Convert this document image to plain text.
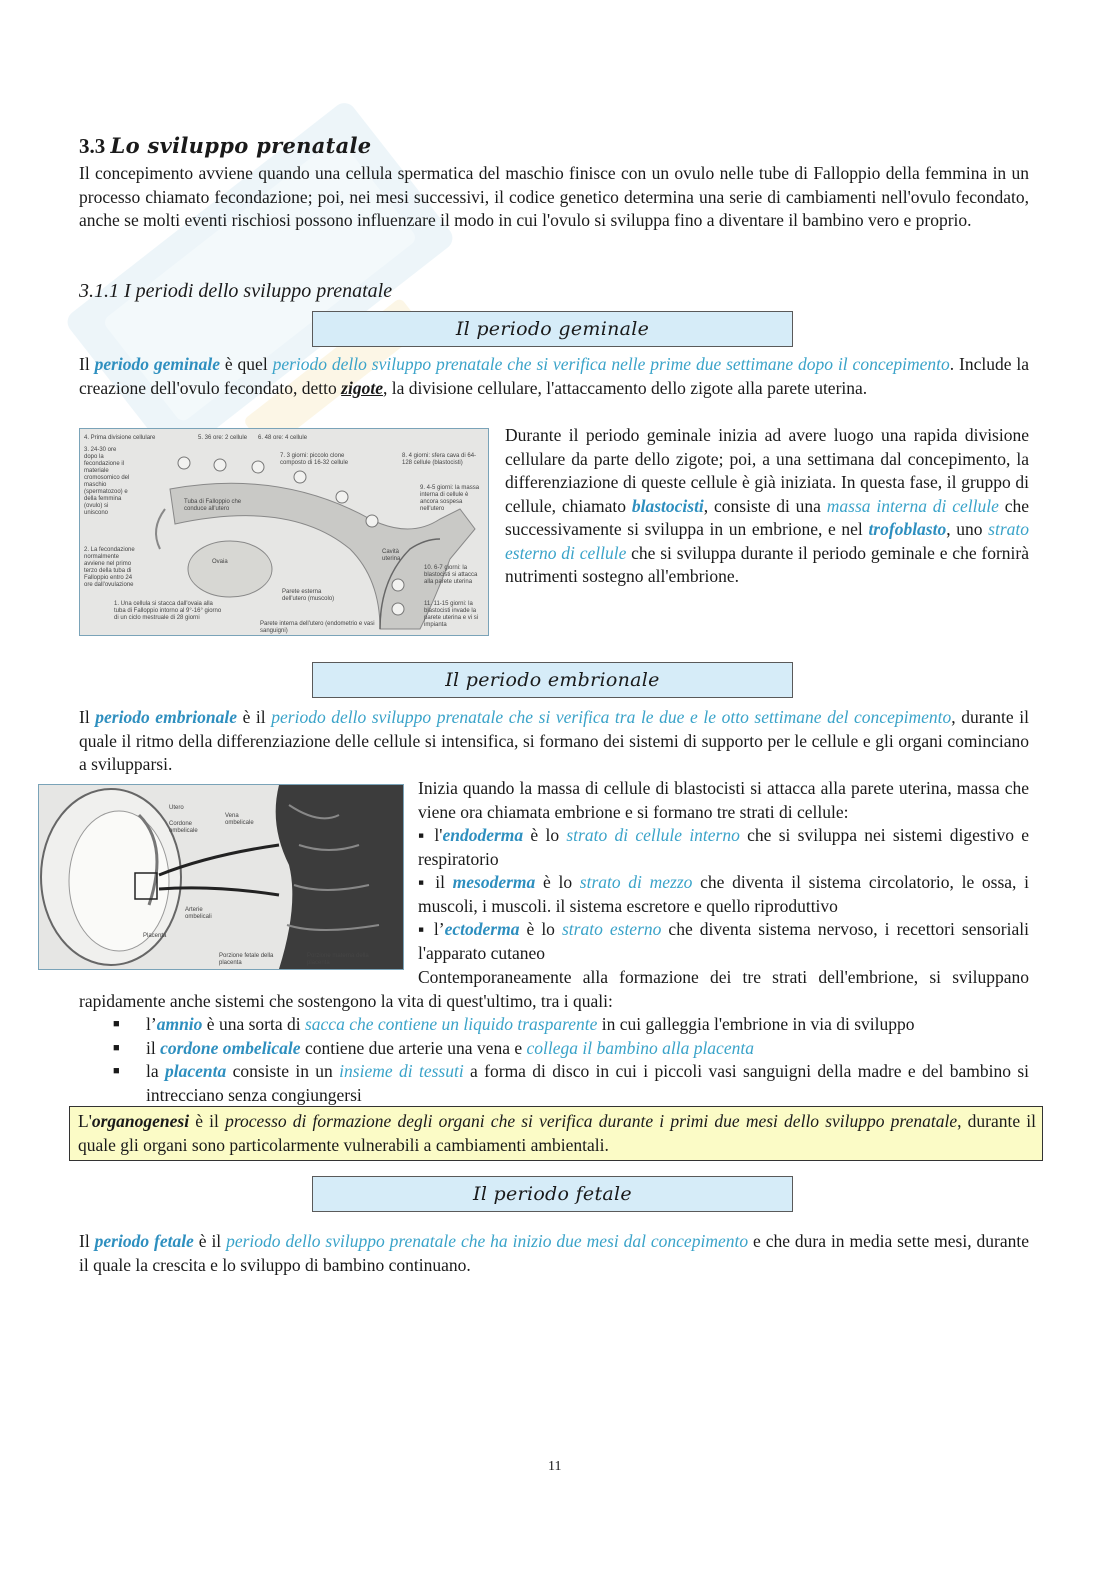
3.3 Lo sviluppo prenatale
Il concepimento avviene quando una cellula spermatica del maschio finisce con un ovulo nelle tube di Falloppio della femmina in un processo chiamato fecondazione; poi, nei mesi successivi, il codice genetico determina una serie di cambiamenti nell'ovulo fecondato, anche se molti eventi rischiosi possono influenzare il modo in cui l'ovulo si sviluppa fino a diventare il bambino vero e proprio.
3.1.1 I periodi dello sviluppo prenatale
Il periodo geminale
Il periodo geminale è quel periodo dello sviluppo prenatale che si verifica nelle prime due settimane dopo il concepimento. Include la creazione dell'ovulo fecondato, detto zigote, la divisione cellulare, l'attaccamento dello zigote alla parete uterina.
4. Prima divisione cellulare	5. 36 ore: 2 cellule	6. 48 ore: 4 cellule
3. 24-30 ore dopo la fecondazione il materiale cromosomico del maschio (spermatozoo) e della femmina (ovulo) si uniscono
7. 3 giorni: piccolo clone composto di 16-32 cellule
8. 4 giorni: sfera cava di 64-128 cellule (blastocisti)
Tuba di Falloppio che conduce all'utero
9. 4-5 giorni: la massa interna di cellule è ancora sospesa nell'utero
2. La fecondazione normalmente avviene nel primo terzo della tuba di Falloppio entro 24 ore dall'ovulazione
Ovaia
Cavità uterina
10. 6-7 giorni: la blastocisti si attacca alla parete uterina
Parete esterna dell'utero (muscolo)
1. Una cellula si stacca dall'ovaia alla tuba di Falloppio intorno al 9°-16° giorno di un ciclo mestruale di 28 giorni
11. 11-15 giorni: la blastocisti invade la parete uterina e vi si impianta
Parete interna dell'utero (endometrio e vasi sanguigni)
Durante il periodo geminale inizia ad avere luogo una rapida divisione cellulare da parte dello zigote; poi, a una settimana dal concepimento, la differenziazione di queste cellule è già iniziata. In questa fase, il gruppo di cellule, chiamato blastocisti, consiste di una massa interna di cellule che successivamente si sviluppa in un embrione, e nel trofoblasto, uno strato esterno di cellule che si sviluppa durante il periodo geminale e che fornirà nutrimenti sostegno all'embrione.
Il periodo embrionale
Il periodo embrionale è il periodo dello sviluppo prenatale che si verifica tra le due e le otto settimane del concepimento, durante il quale il ritmo della differenziazione delle cellule si intensifica, si formano dei sistemi di supporto per le cellule e gli organi cominciano a svilupparsi.
Utero
Cordone ombelicale
Vena ombelicale
Arterie ombelicali
Placenta
Porzione fetale della placenta
Porzione materna della placenta
Inizia quando la massa di cellule di blastocisti si attacca alla parete uterina, massa che viene ora chiamata embrione e si formano tre strati di cellule:
▪ l'endoderma è lo strato di cellule interno che si sviluppa nei sistemi digestivo e respiratorio
▪ il mesoderma è lo strato di mezzo che diventa il sistema circolatorio, le ossa, i muscoli, i muscoli. il sistema escretore e quello riproduttivo
▪ l’ectoderma è lo strato esterno che diventa sistema nervoso, i recettori sensoriali l'apparato cutaneo
Contemporaneamente alla formazione dei tre strati dell'embrione, si sviluppano rapidamente anche sistemi che sostengono la vita di quest'ultimo, tra i quali:
■ l’amnio è una sorta di sacca che contiene un liquido trasparente in cui galleggia l'embrione in via di sviluppo
■ il cordone ombelicale contiene due arterie una vena e collega il bambino alla placenta
■ la placenta consiste in un insieme di tessuti a forma di disco in cui i piccoli vasi sanguigni della madre e del bambino si intrecciano senza congiungersi
L'organogenesi è il processo di formazione degli organi che si verifica durante i primi due mesi dello sviluppo prenatale, durante il quale gli organi sono particolarmente vulnerabili a cambiamenti ambientali.
Il periodo fetale
Il periodo fetale è il periodo dello sviluppo prenatale che ha inizio due mesi dal concepimento e che dura in media sette mesi, durante il quale la crescita e lo sviluppo di bambino continuano.
11
